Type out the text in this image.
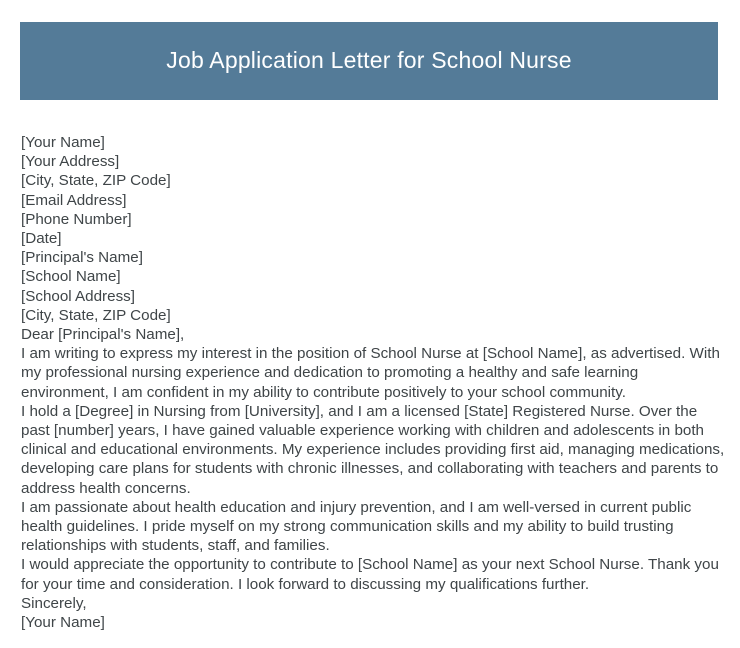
Job Application Letter for School Nurse
[Your Name]
[Your Address]
[City, State, ZIP Code]
[Email Address]
[Phone Number]
[Date]
[Principal's Name]
[School Name]
[School Address]
[City, State, ZIP Code]
Dear [Principal's Name],

I am writing to express my interest in the position of School Nurse at [School Name], as advertised. With my professional nursing experience and dedication to promoting a healthy and safe learning environment, I am confident in my ability to contribute positively to your school community.

I hold a [Degree] in Nursing from [University], and I am a licensed [State] Registered Nurse. Over the past [number] years, I have gained valuable experience working with children and adolescents in both clinical and educational environments. My experience includes providing first aid, managing medications, developing care plans for students with chronic illnesses, and collaborating with teachers and parents to address health concerns.

I am passionate about health education and injury prevention, and I am well-versed in current public health guidelines. I pride myself on my strong communication skills and my ability to build trusting relationships with students, staff, and families.

I would appreciate the opportunity to contribute to [School Name] as your next School Nurse. Thank you for your time and consideration. I look forward to discussing my qualifications further.

Sincerely,
[Your Name]
